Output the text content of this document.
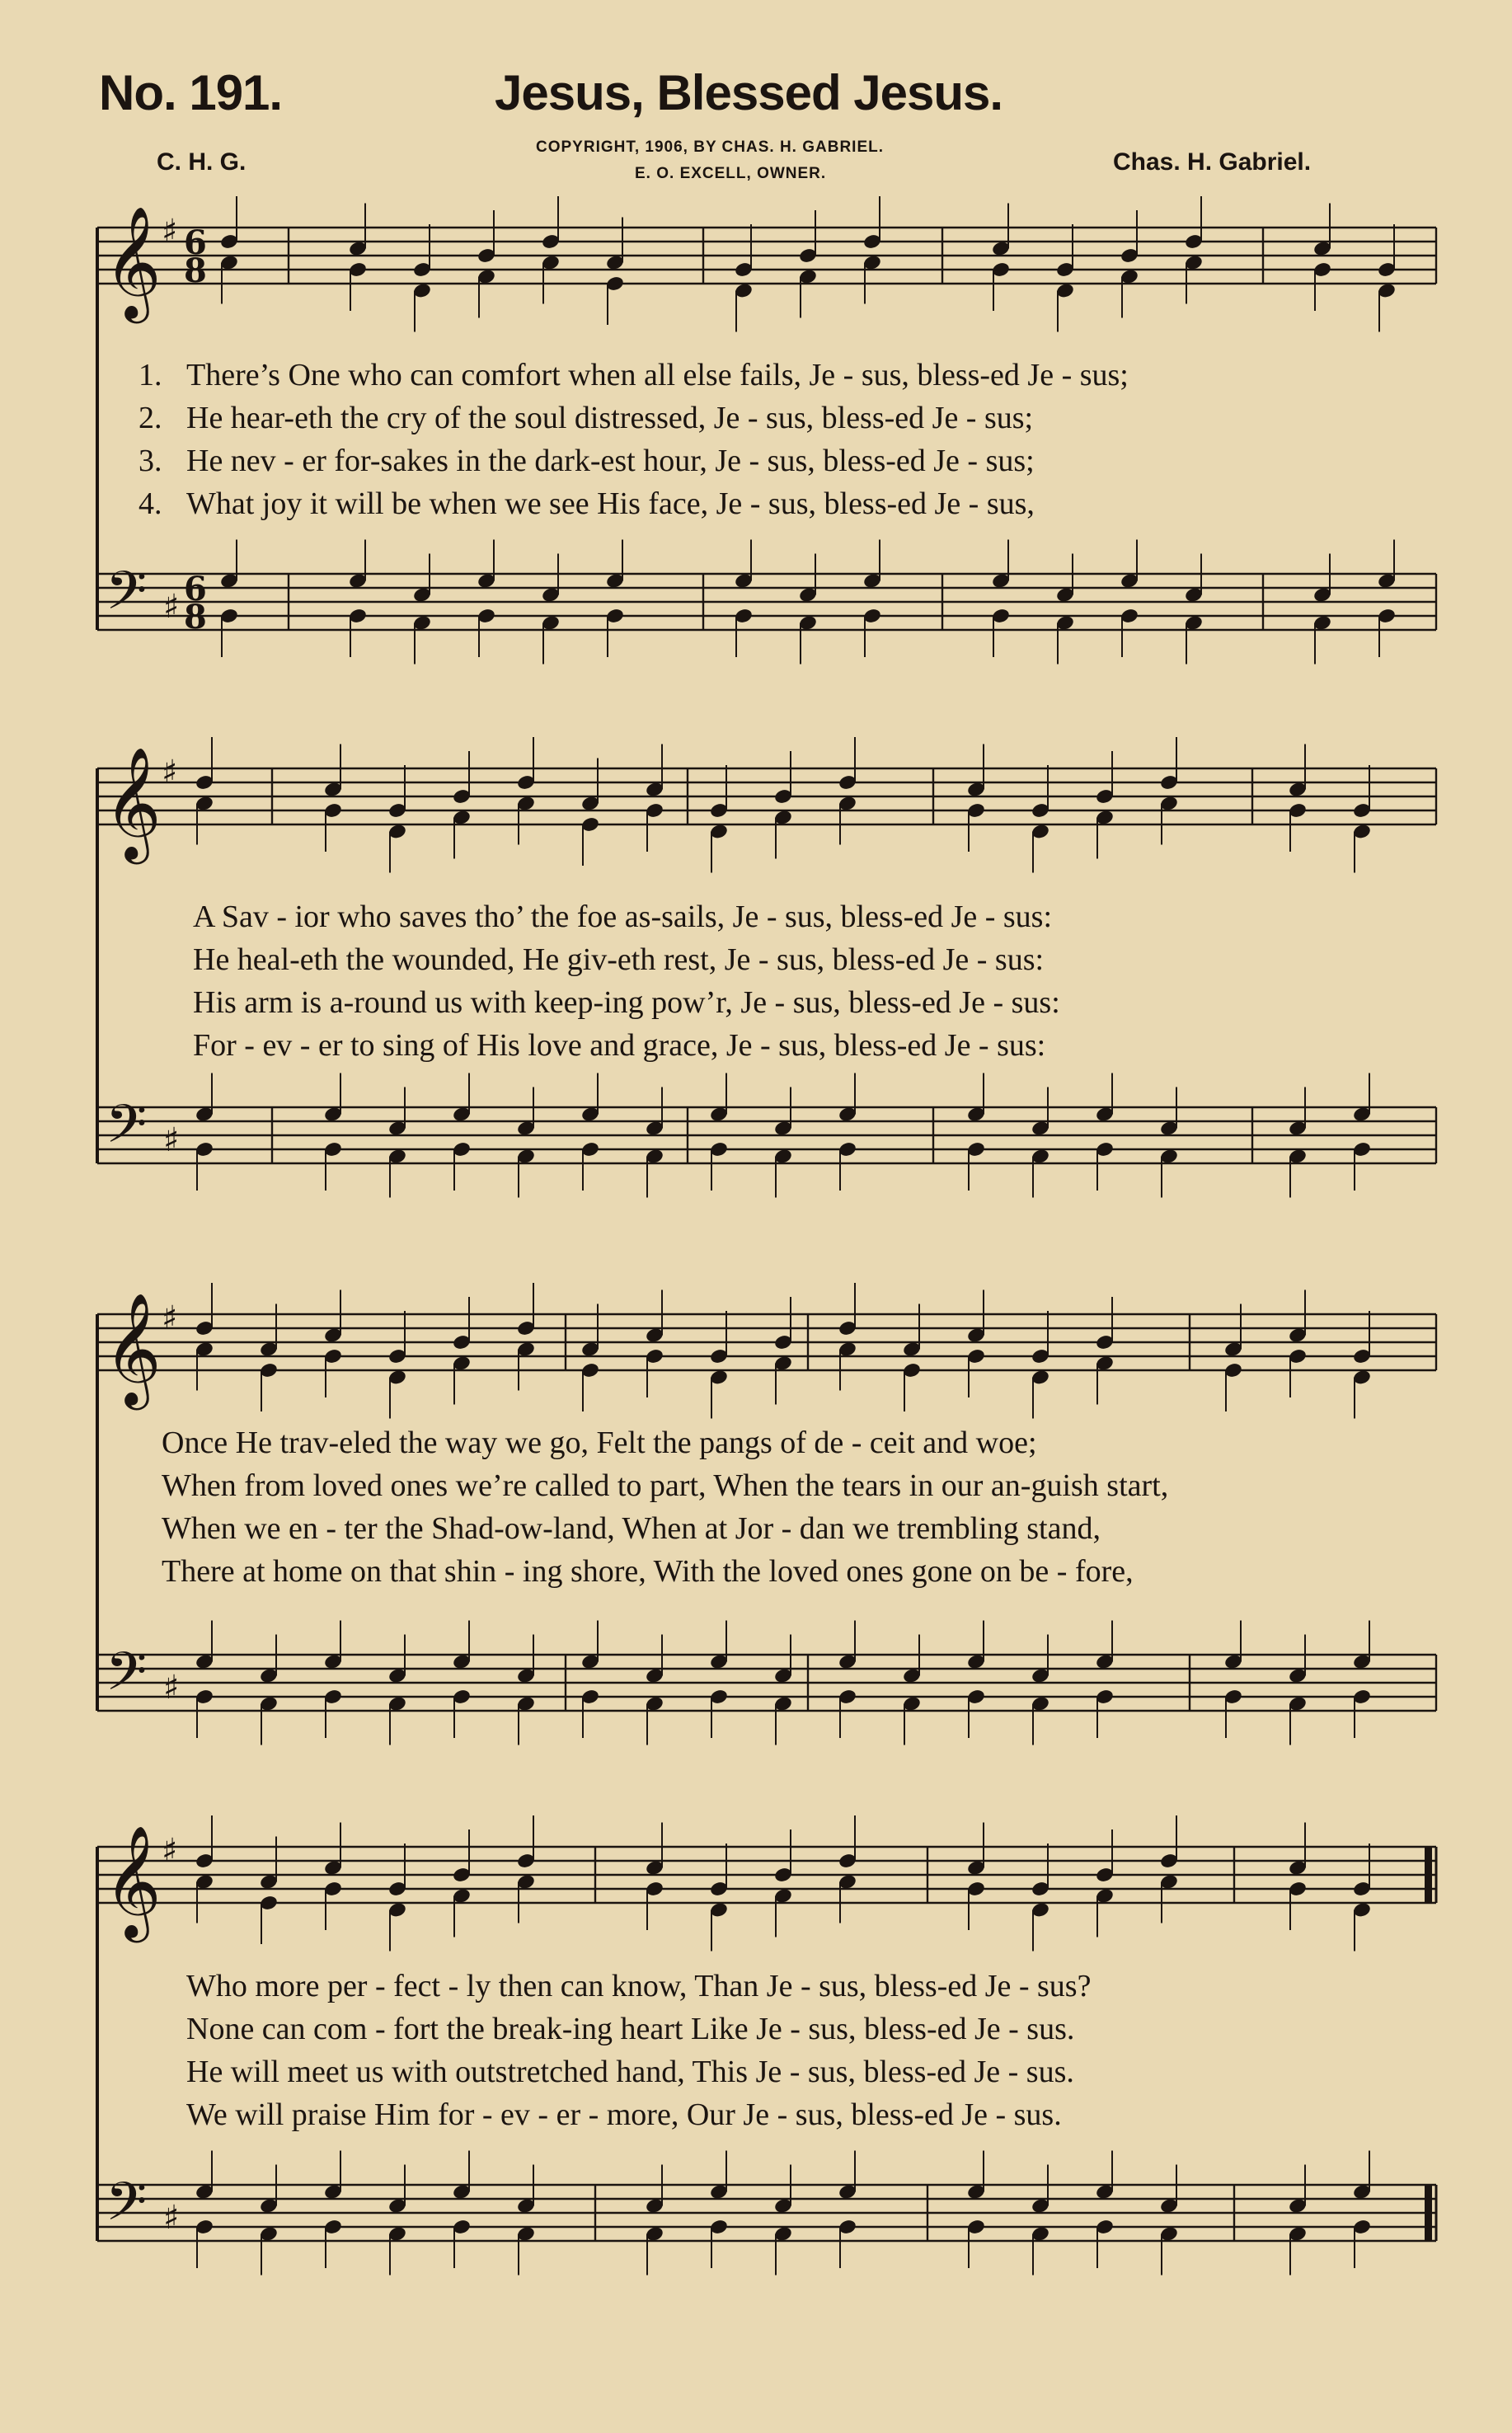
No. 191.	Jesus, Blessed Jesus.
C. H. G.
COPYRIGHT, 1906, BY CHAS. H. GABRIEL.
E. O. EXCELL, OWNER.	Chas. H. Gabriel.
𝄞
𝄢
♯
♯
6
8
6
8
𝄞
𝄢
♯
♯
𝄞
𝄢
♯
♯
𝄞
𝄢
♯
♯
1. There’s One who can comfort when all else fails, Je - sus, bless-ed Je - sus;
2. He hear-eth the cry of the soul distressed, Je - sus, bless-ed Je - sus;
3. He nev - er for-sakes in the dark-est hour, Je - sus, bless-ed Je - sus;
4. What joy it will be when we see His face, Je - sus, bless-ed Je - sus,
A Sav - ior who saves tho’ the foe as-sails, Je - sus, bless-ed Je - sus:
He heal-eth the wounded, He giv-eth rest, Je - sus, bless-ed Je - sus:
His arm is a-round us with keep-ing pow’r, Je - sus, bless-ed Je - sus:
For - ev - er to sing of His love and grace, Je - sus, bless-ed Je - sus:
Once He trav-eled the way we go, Felt the pangs of de - ceit and woe;
When from loved ones we’re called to part, When the tears in our an-guish start,
When we en - ter the Shad-ow-land, When at Jor - dan we trembling stand,
There at home on that shin - ing shore, With the loved ones gone on be - fore,
Who more per - fect - ly then can know, Than Je - sus, bless-ed Je - sus?
None can com - fort the break-ing heart Like Je - sus, bless-ed Je - sus.
He will meet us with outstretched hand, This Je - sus, bless-ed Je - sus.
We will praise Him for - ev - er - more, Our Je - sus, bless-ed Je - sus.
